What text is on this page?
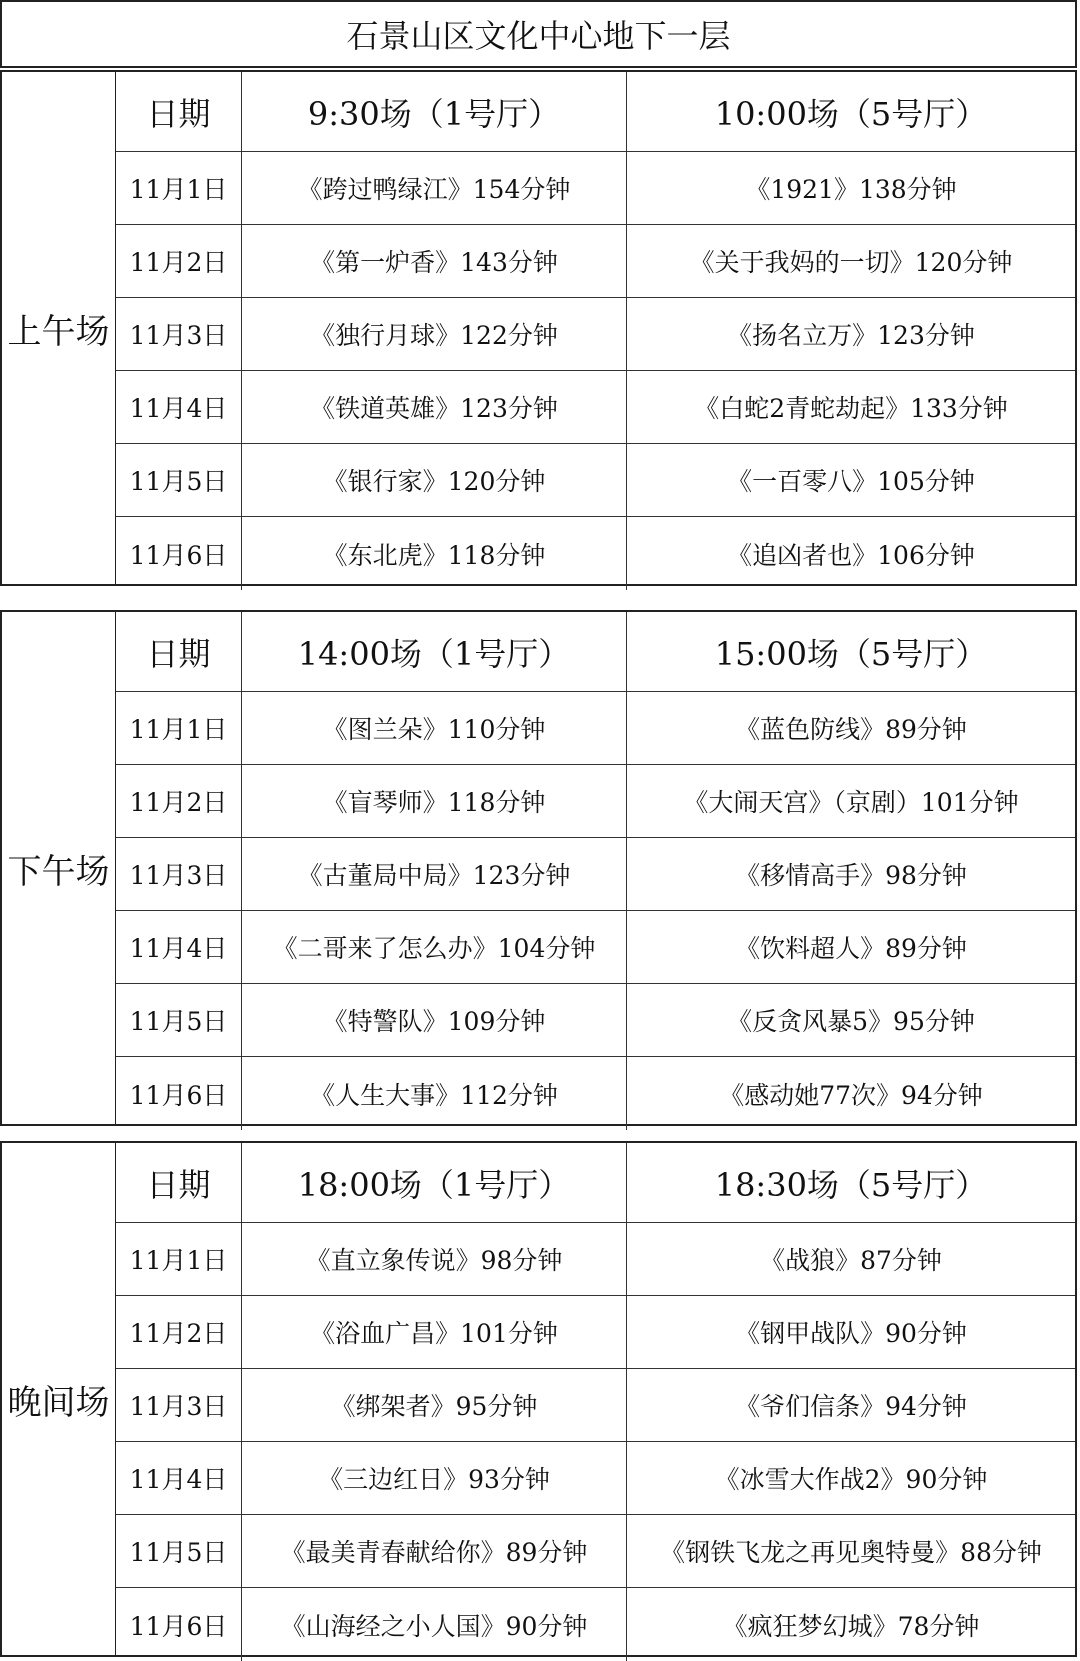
石景山区文化中心地下一层
上午场
日期	9:30场（1号厅）	10:00场（5号厅）
11月1日	《跨过鸭绿江》154分钟	《1921》138分钟
11月2日	《第一炉香》143分钟	《关于我妈的一切》120分钟
11月3日	《独行月球》122分钟	《扬名立万》123分钟
11月4日	《铁道英雄》123分钟	《白蛇2青蛇劫起》133分钟
11月5日	《银行家》120分钟	《一百零八》105分钟
11月6日	《东北虎》118分钟	《追凶者也》106分钟
下午场
日期	14:00场（1号厅）	15:00场（5号厅）
11月1日	《图兰朵》110分钟	《蓝色防线》89分钟
11月2日	《盲琴师》118分钟	《大闹天宫》（京剧）101分钟
11月3日	《古董局中局》123分钟	《移情高手》98分钟
11月4日	《二哥来了怎么办》104分钟	《饮料超人》89分钟
11月5日	《特警队》109分钟	《反贪风暴5》95分钟
11月6日	《人生大事》112分钟	《感动她77次》94分钟
晚间场
日期	18:00场（1号厅）	18:30场（5号厅）
11月1日	《直立象传说》98分钟	《战狼》87分钟
11月2日	《浴血广昌》101分钟	《钢甲战队》90分钟
11月3日	《绑架者》95分钟	《爷们信条》94分钟
11月4日	《三边红日》93分钟	《冰雪大作战2》90分钟
11月5日	《最美青春献给你》89分钟	《钢铁飞龙之再见奥特曼》88分钟
11月6日	《山海经之小人国》90分钟	《疯狂梦幻城》78分钟
